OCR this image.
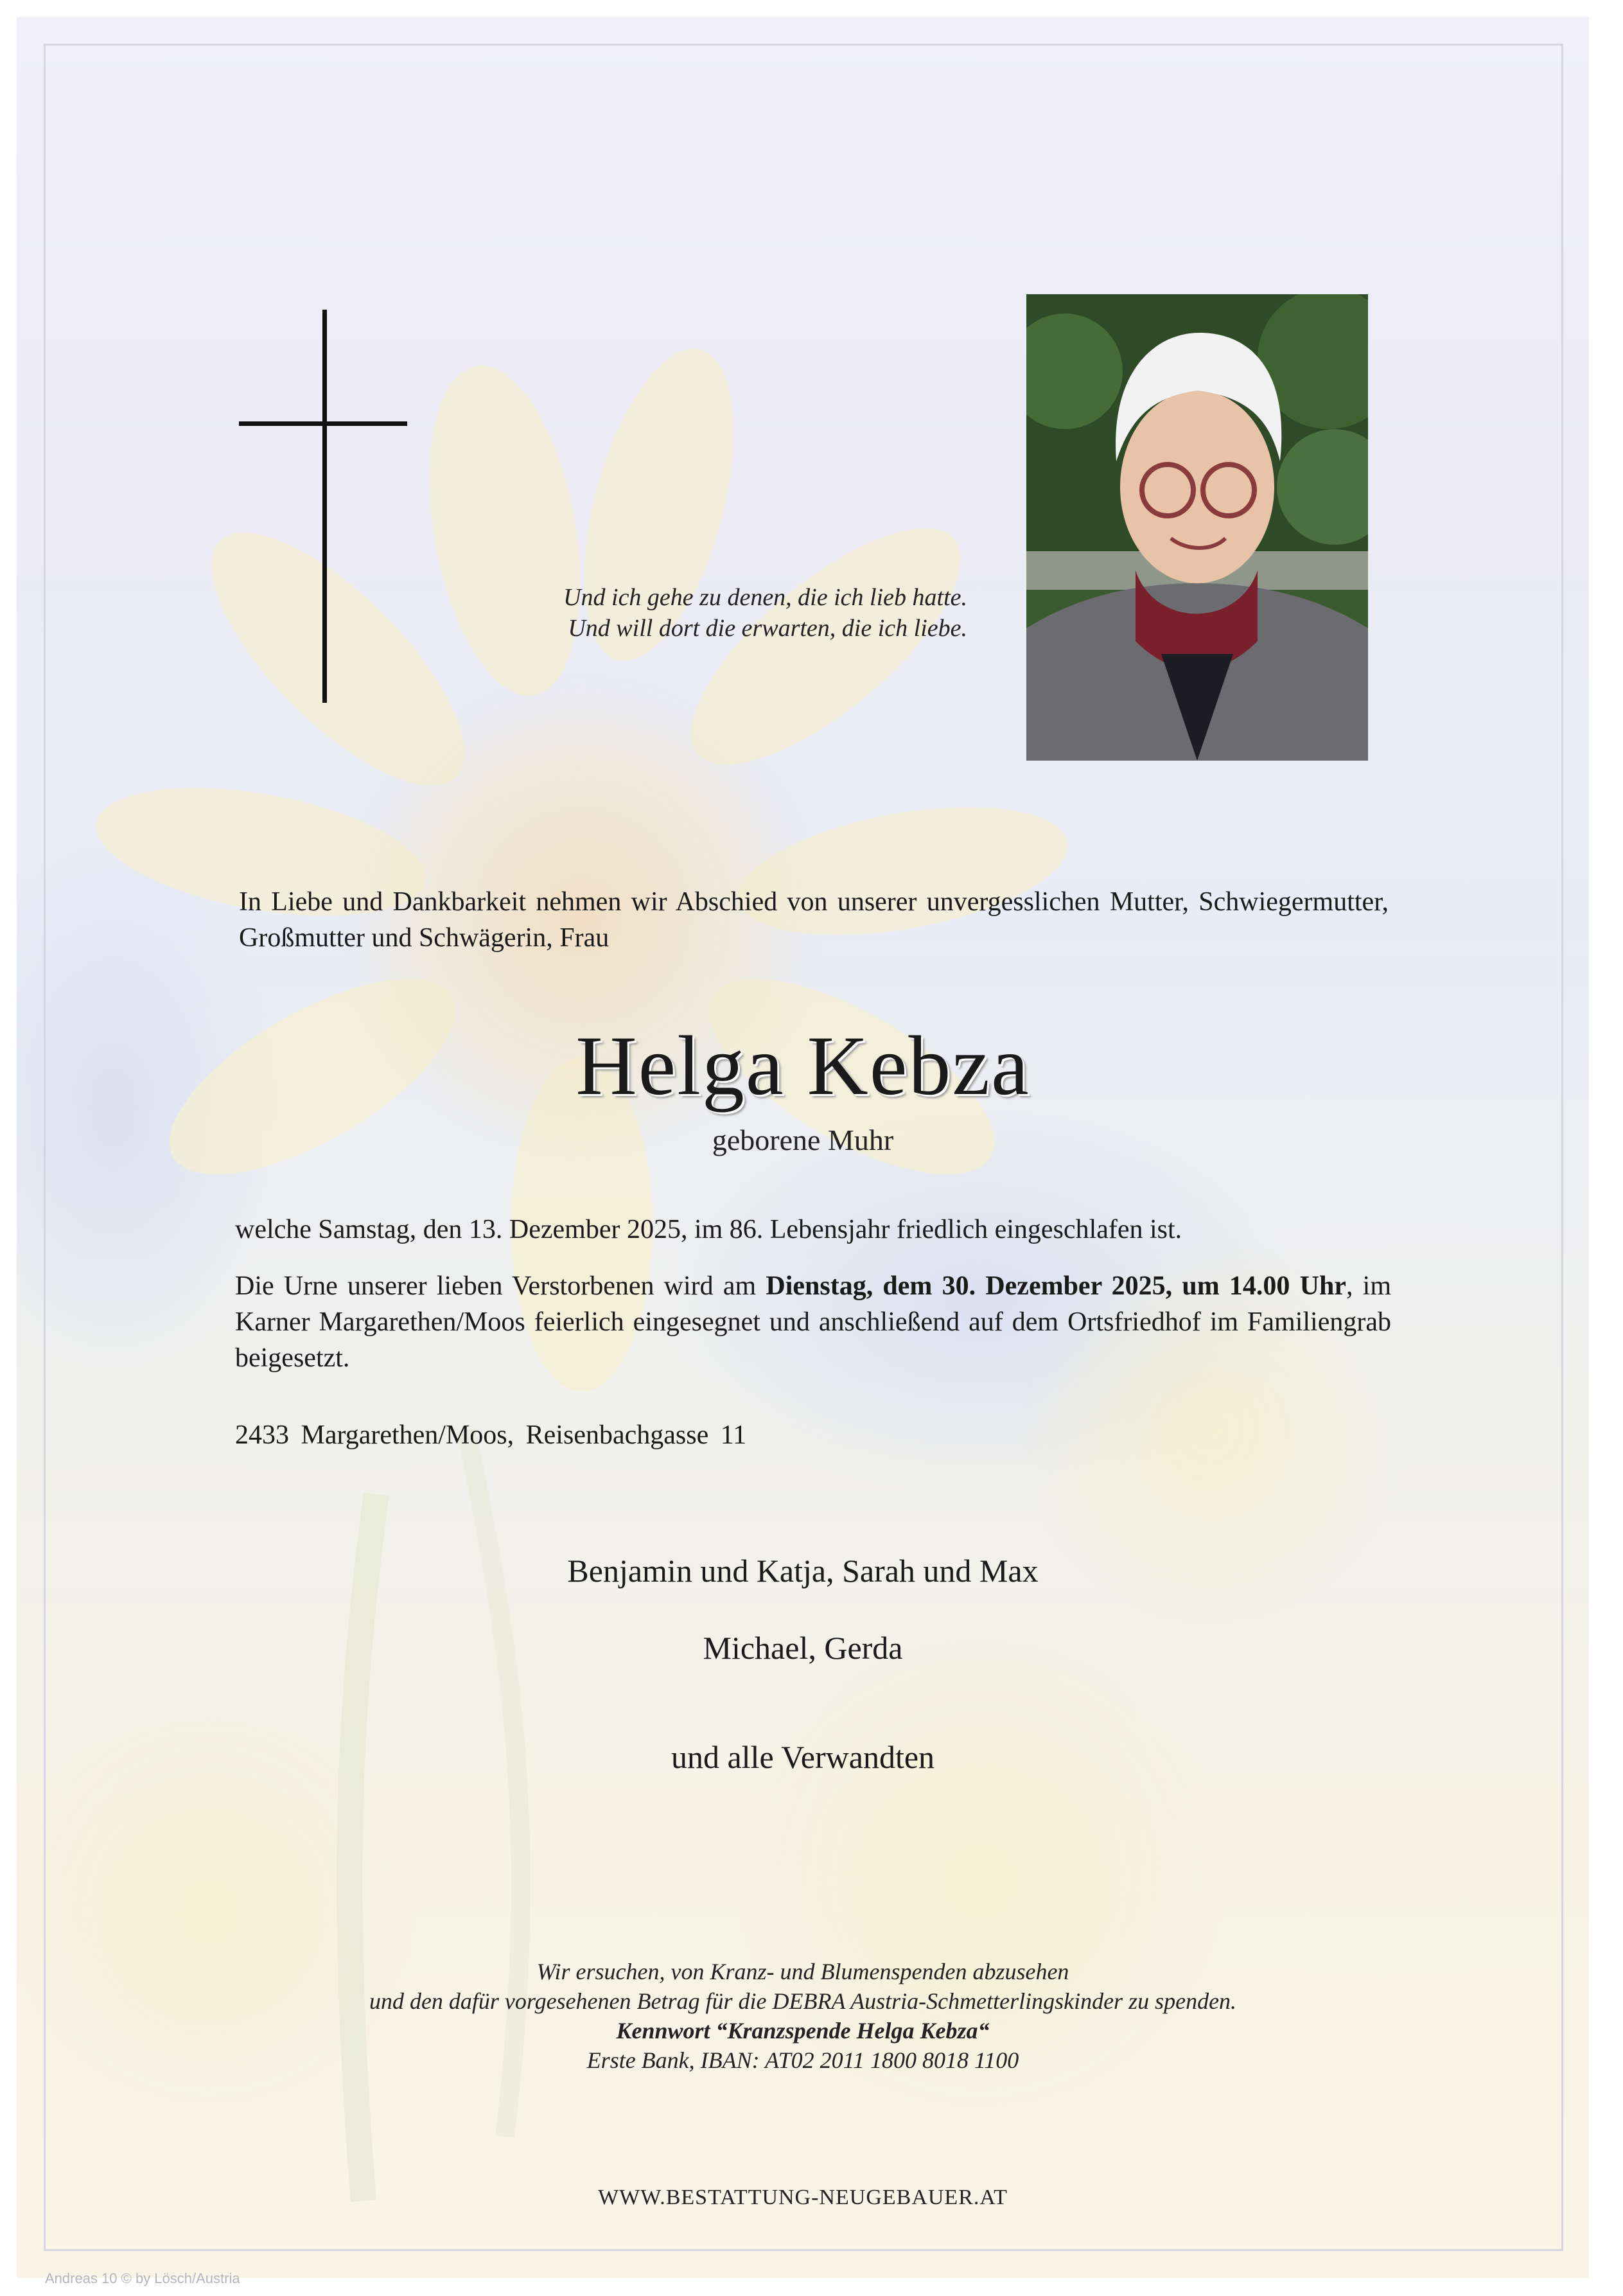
Und ich gehe zu denen, die ich lieb hatte.
Und will dort die erwarten, die ich liebe.
In Liebe und Dankbarkeit nehmen wir Abschied von unserer unvergesslichen Mutter, Schwiegermutter, Großmutter und Schwägerin, Frau
Helga Kebza
geborene Muhr
welche Samstag, den 13. Dezember 2025, im 86. Lebensjahr friedlich eingeschlafen ist.
Die Urne unserer lieben Verstorbenen wird am Dienstag, dem 30. Dezember 2025, um 14.00 Uhr, im Karner Margarethen/Moos feierlich eingesegnet und anschließend auf dem Ortsfriedhof im Familiengrab beigesetzt.
2433 Margarethen/Moos, Reisenbachgasse 11
Benjamin und Katja, Sarah und Max
Michael, Gerda
und alle Verwandten
Wir ersuchen, von Kranz- und Blumenspenden abzusehen
und den dafür vorgesehenen Betrag für die DEBRA Austria-Schmetterlingskinder zu spenden.
Kennwort “Kranzspende Helga Kebza“
Erste Bank, IBAN: AT02 2011 1800 8018 1100
WWW.BESTATTUNG-NEUGEBAUER.AT
Andreas 10 © by Lösch/Austria
